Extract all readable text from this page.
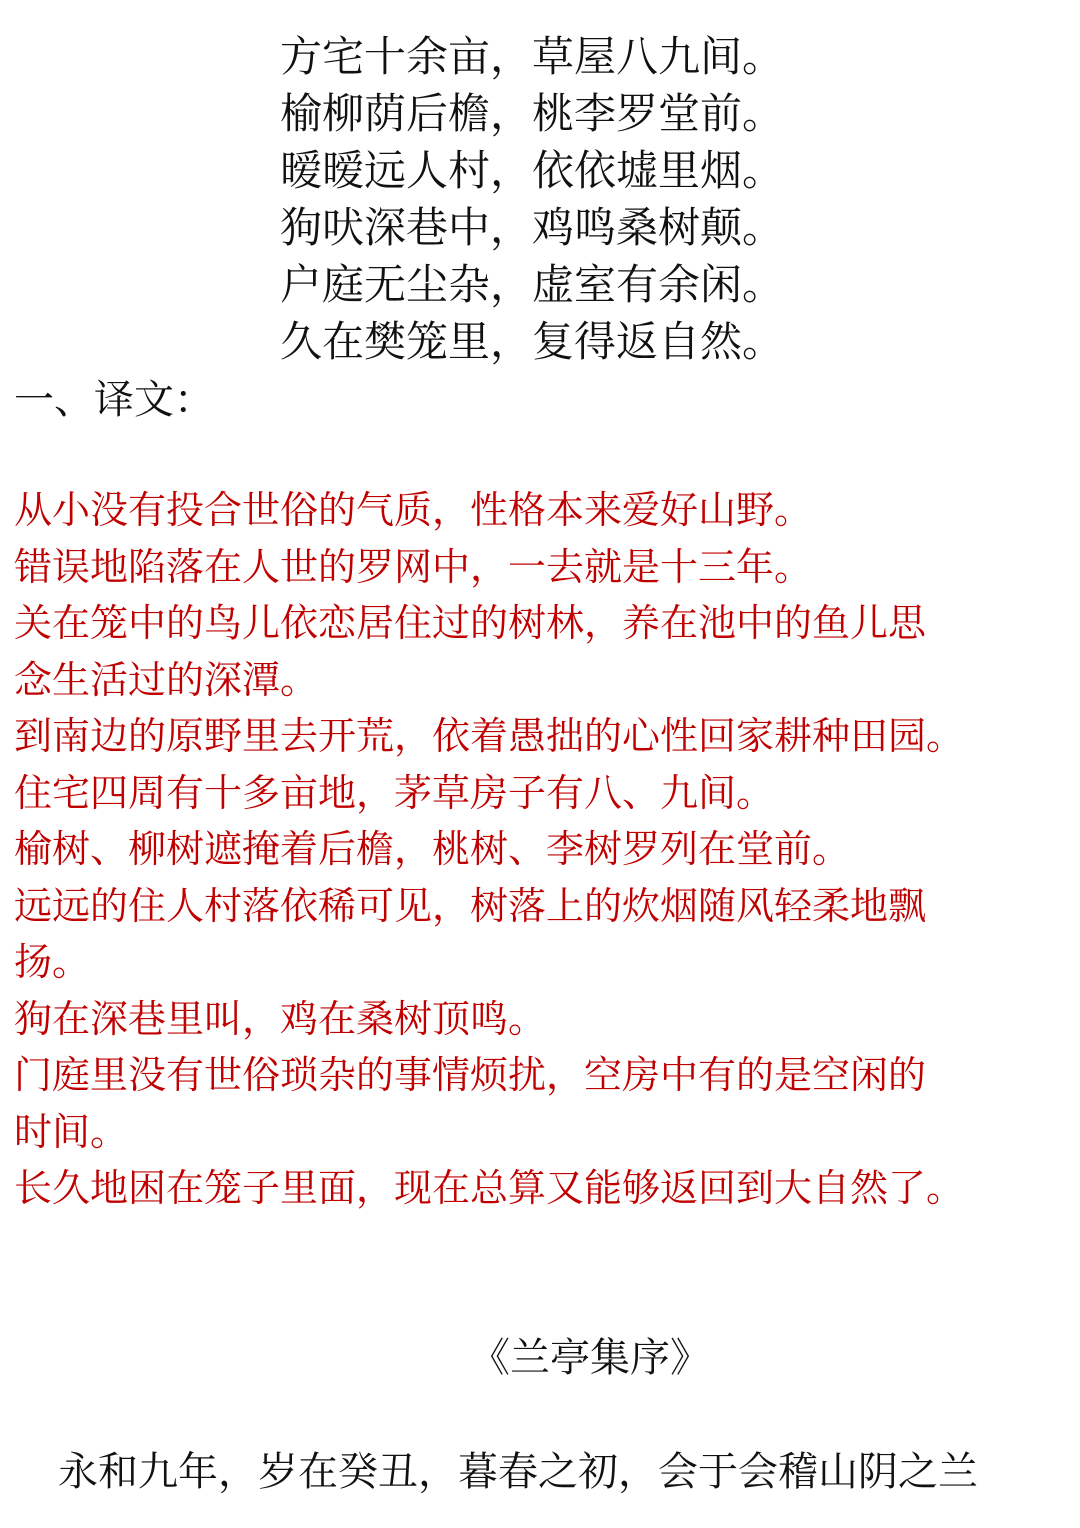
方宅十余亩，草屋八九间。
榆柳荫后檐，桃李罗堂前。
暧暧远人村，依依墟里烟。
狗吠深巷中，鸡鸣桑树颠。
户庭无尘杂，虚室有余闲。
久在樊笼里，复得返自然。
一、译文：
从小没有投合世俗的气质，性格本来爱好山野。
错误地陷落在人世的罗网中，一去就是十三年。
关在笼中的鸟儿依恋居住过的树林，养在池中的鱼儿思
念生活过的深潭。
到南边的原野里去开荒，依着愚拙的心性回家耕种田园。
住宅四周有十多亩地，茅草房子有八、九间。
榆树、柳树遮掩着后檐，桃树、李树罗列在堂前。
远远的住人村落依稀可见，树落上的炊烟随风轻柔地飘
扬。
狗在深巷里叫，鸡在桑树顶鸣。
门庭里没有世俗琐杂的事情烦扰，空房中有的是空闲的
时间。
长久地困在笼子里面，现在总算又能够返回到大自然了。
《兰亭集序》
永和九年，岁在癸丑，暮春之初，会于会稽山阴之兰
